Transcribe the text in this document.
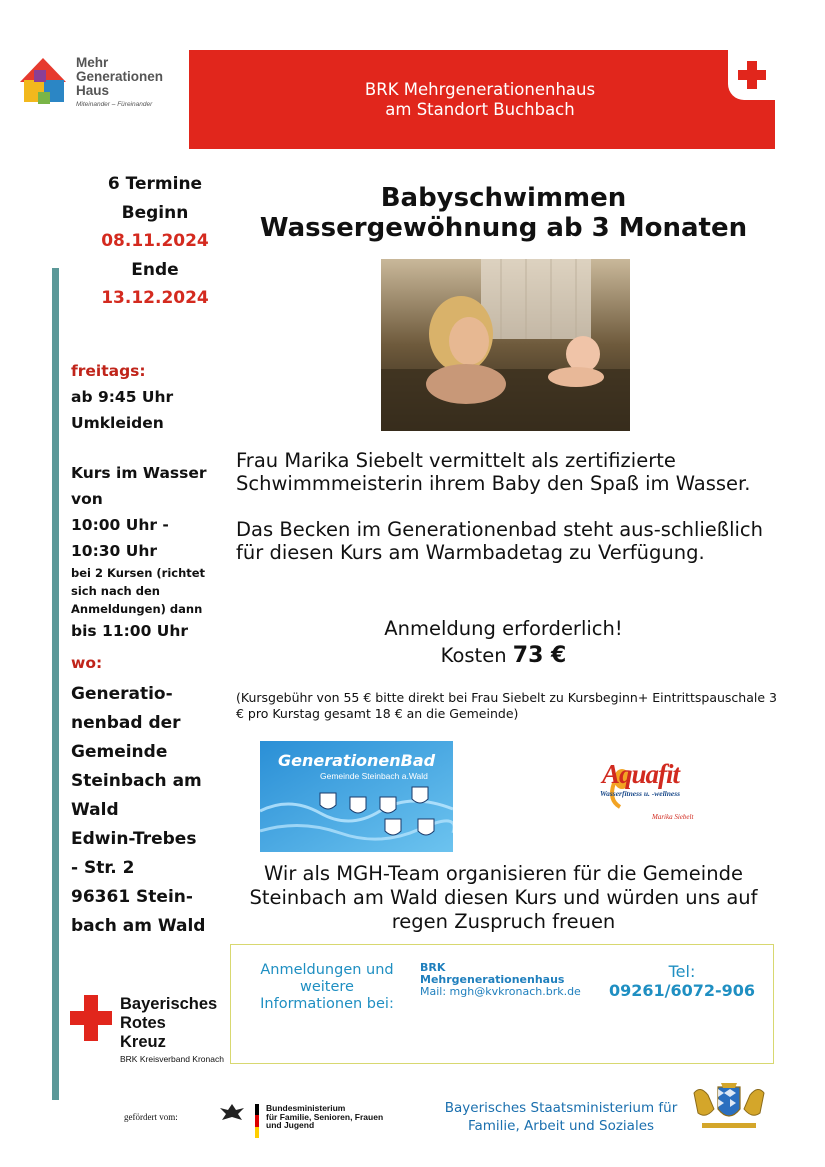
Mehr
Generationen
Haus
Miteinander – Füreinander
BRK Mehrgenerationenhaus
am Standort Buchbach
6 Termine
Beginn
08.11.2024
Ende
13.12.2024
freitags:
ab 9:45 Uhr
Umkleiden
Kurs im Wasser
von
10:00 Uhr -
10:30 Uhr
bei 2 Kursen (richtet
sich nach den
Anmeldungen) dann
bis 11:00 Uhr
wo:
Generatio-
nenbad der
Gemeinde
Steinbach am
Wald
Edwin-Trebes
- Str. 2
96361 Stein-
bach am Wald
Babyschwimmen
Wassergewöhnung ab 3 Monaten
Frau Marika Siebelt vermittelt als zertifizierte Schwimmmeisterin ihrem Baby den Spaß im Wasser.
Das Becken im Generationenbad steht aus-schließlich für diesen Kurs am Warmbadetag zu Verfügung.
Anmeldung erforderlich!
Kosten 73 €
(Kursgebühr von 55 € bitte direkt bei Frau Siebelt zu Kursbeginn+ Eintrittspauschale 3 € pro Kurstag gesamt 18 € an die Gemeinde)
GenerationenBad
Gemeinde Steinbach a.Wald	Aquafit
Wasserfitness u. -wellness
Marika Siebelt
Wir als MGH-Team organisieren für die Gemeinde Steinbach am Wald diesen Kurs und würden uns auf regen Zuspruch freuen
Anmeldungen und weitere Informationen bei:
BRK
Mehrgenerationenhaus
Mail: mgh@kvkronach.brk.de
Tel:
09261/6072-906
Bayerisches
Rotes
Kreuz
BRK Kreisverband Kronach
gefördert vom:
Bundesministerium
für Familie, Senioren, Frauen
und Jugend
Bayerisches Staatsministerium für
Familie, Arbeit und Soziales
